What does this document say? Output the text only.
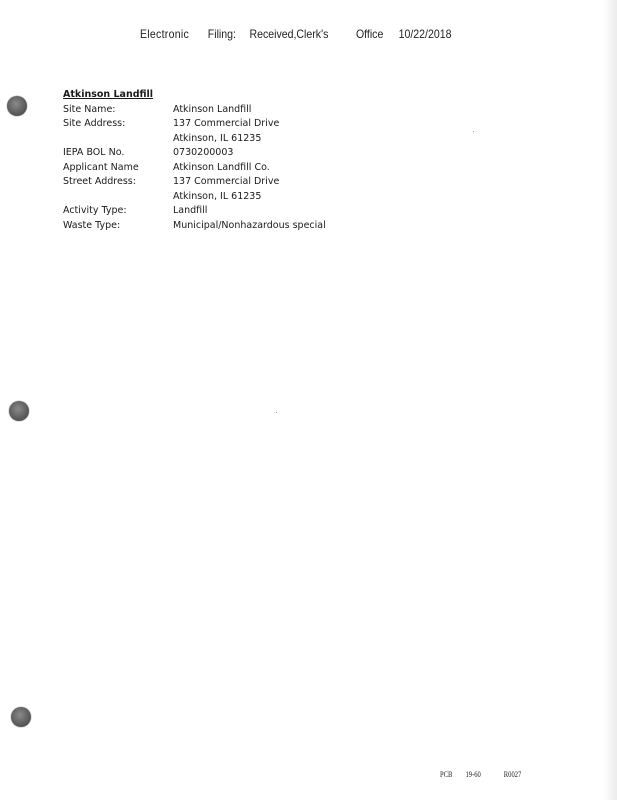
Electronic Filing: Received,Clerk's Office 10/22/2018
Atkinson Landfill
Site Name:	Atkinson Landfill
Site Address:	137 Commercial Drive
Atkinson, IL 61235
IEPA BOL No.	0730200003
Applicant Name	Atkinson Landfill Co.
Street Address:	137 Commercial Drive
Atkinson, IL 61235
Activity Type:	Landfill
Waste Type:	Municipal/Nonhazardous special
PCB 19-60	R0027
